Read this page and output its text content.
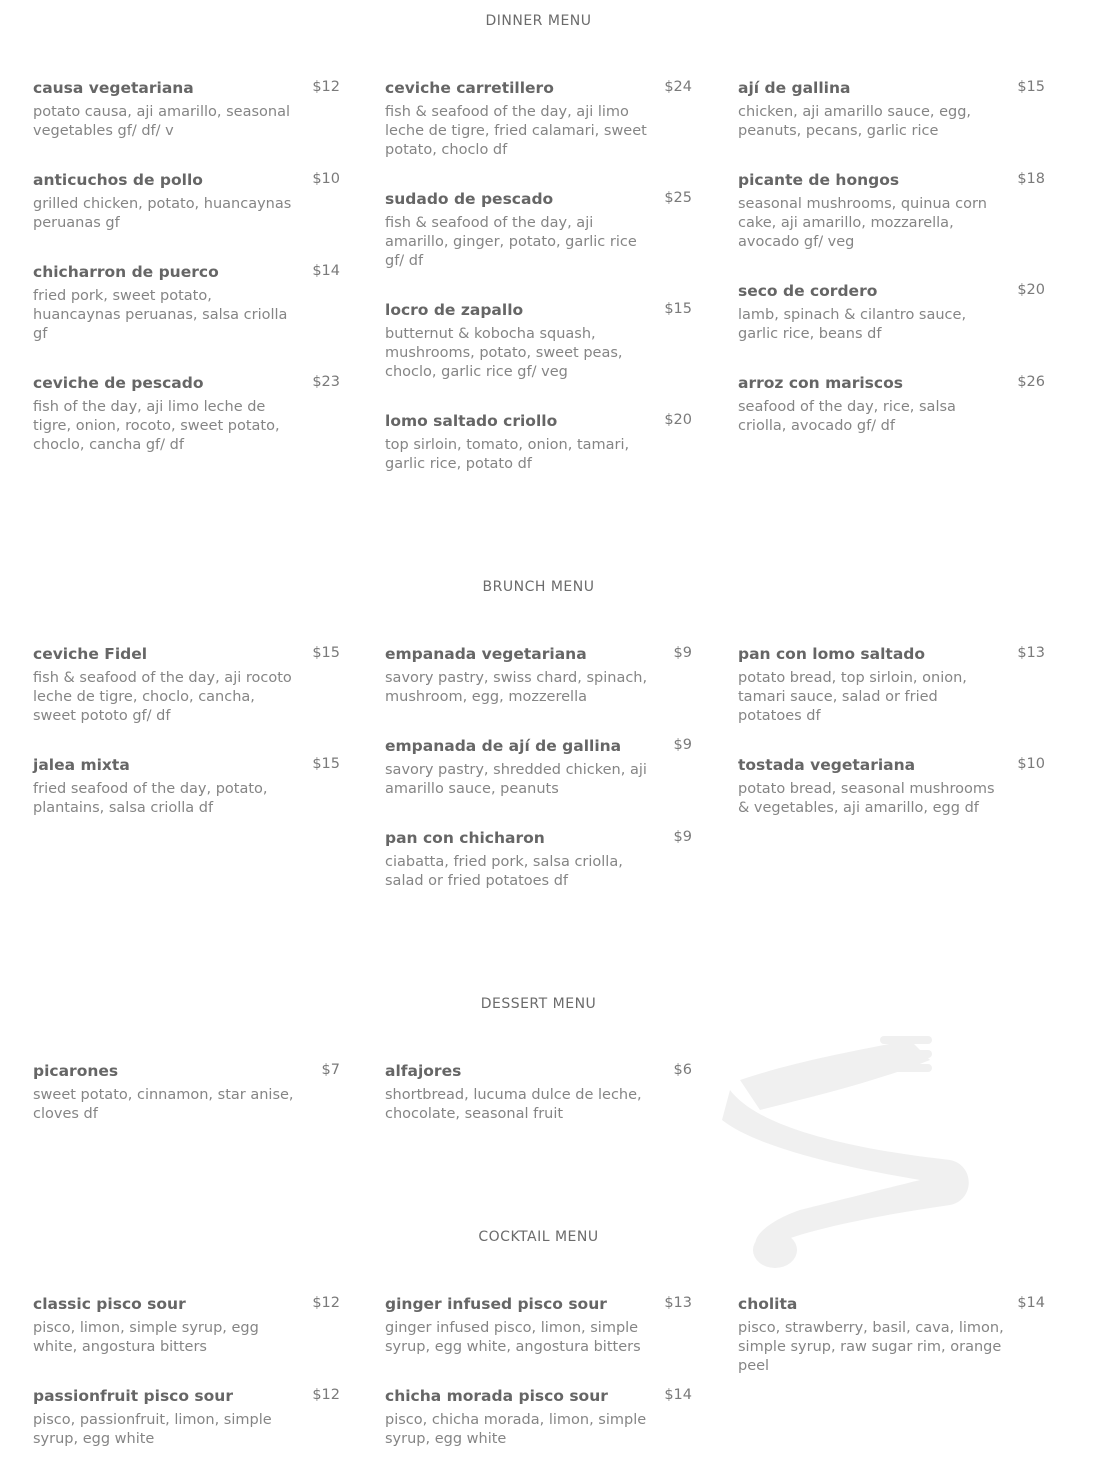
DINNER MENU
causa vegetariana	$12
potato causa, aji amarillo, seasonal vegetables gf/ df/ v
anticuchos de pollo	$10
grilled chicken, potato, huancaynas peruanas gf
chicharron de puerco	$14
fried pork, sweet potato, huancaynas peruanas, salsa criolla gf
ceviche de pescado	$23
fish of the day, aji limo leche de tigre, onion, rocoto, sweet potato, choclo, cancha gf/ df
ceviche carretillero	$24
fish & seafood of the day, aji limo leche de tigre, fried calamari, sweet potato, choclo df
sudado de pescado	$25
fish & seafood of the day, aji amarillo, ginger, potato, garlic rice gf/ df
locro de zapallo	$15
butternut & kobocha squash, mushrooms, potato, sweet peas, choclo, garlic rice gf/ veg
lomo saltado criollo	$20
top sirloin, tomato, onion, tamari, garlic rice, potato df
ají de gallina	$15
chicken, aji amarillo sauce, egg, peanuts, pecans, garlic rice
picante de hongos	$18
seasonal mushrooms, quinua corn cake, aji amarillo, mozzarella, avocado gf/ veg
seco de cordero	$20
lamb, spinach & cilantro sauce, garlic rice, beans df
arroz con mariscos	$26
seafood of the day, rice, salsa criolla, avocado gf/ df
BRUNCH MENU
ceviche Fidel	$15
fish & seafood of the day, aji rocoto leche de tigre, choclo, cancha, sweet pototo gf/ df
jalea mixta	$15
fried seafood of the day, potato, plantains, salsa criolla df
empanada vegetariana	$9
savory pastry, swiss chard, spinach, mushroom, egg, mozzerella
empanada de ají de gallina	$9
savory pastry, shredded chicken, aji amarillo sauce, peanuts
pan con chicharon	$9
ciabatta, fried pork, salsa criolla, salad or fried potatoes df
pan con lomo saltado	$13
potato bread, top sirloin, onion, tamari sauce, salad or fried potatoes df
tostada vegetariana	$10
potato bread, seasonal mushrooms & vegetables, aji amarillo, egg df
DESSERT MENU
picarones	$7
sweet potato, cinnamon, star anise, cloves df
alfajores	$6
shortbread, lucuma dulce de leche, chocolate, seasonal fruit
COCKTAIL MENU
classic pisco sour	$12
pisco, limon, simple syrup, egg white, angostura bitters
passionfruit pisco sour	$12
pisco, passionfruit, limon, simple syrup, egg white
ginger infused pisco sour	$13
ginger infused pisco, limon, simple syrup, egg white, angostura bitters
chicha morada pisco sour	$14
pisco, chicha morada, limon, simple syrup, egg white
cholita	$14
pisco, strawberry, basil, cava, limon, simple syrup, raw sugar rim, orange peel
